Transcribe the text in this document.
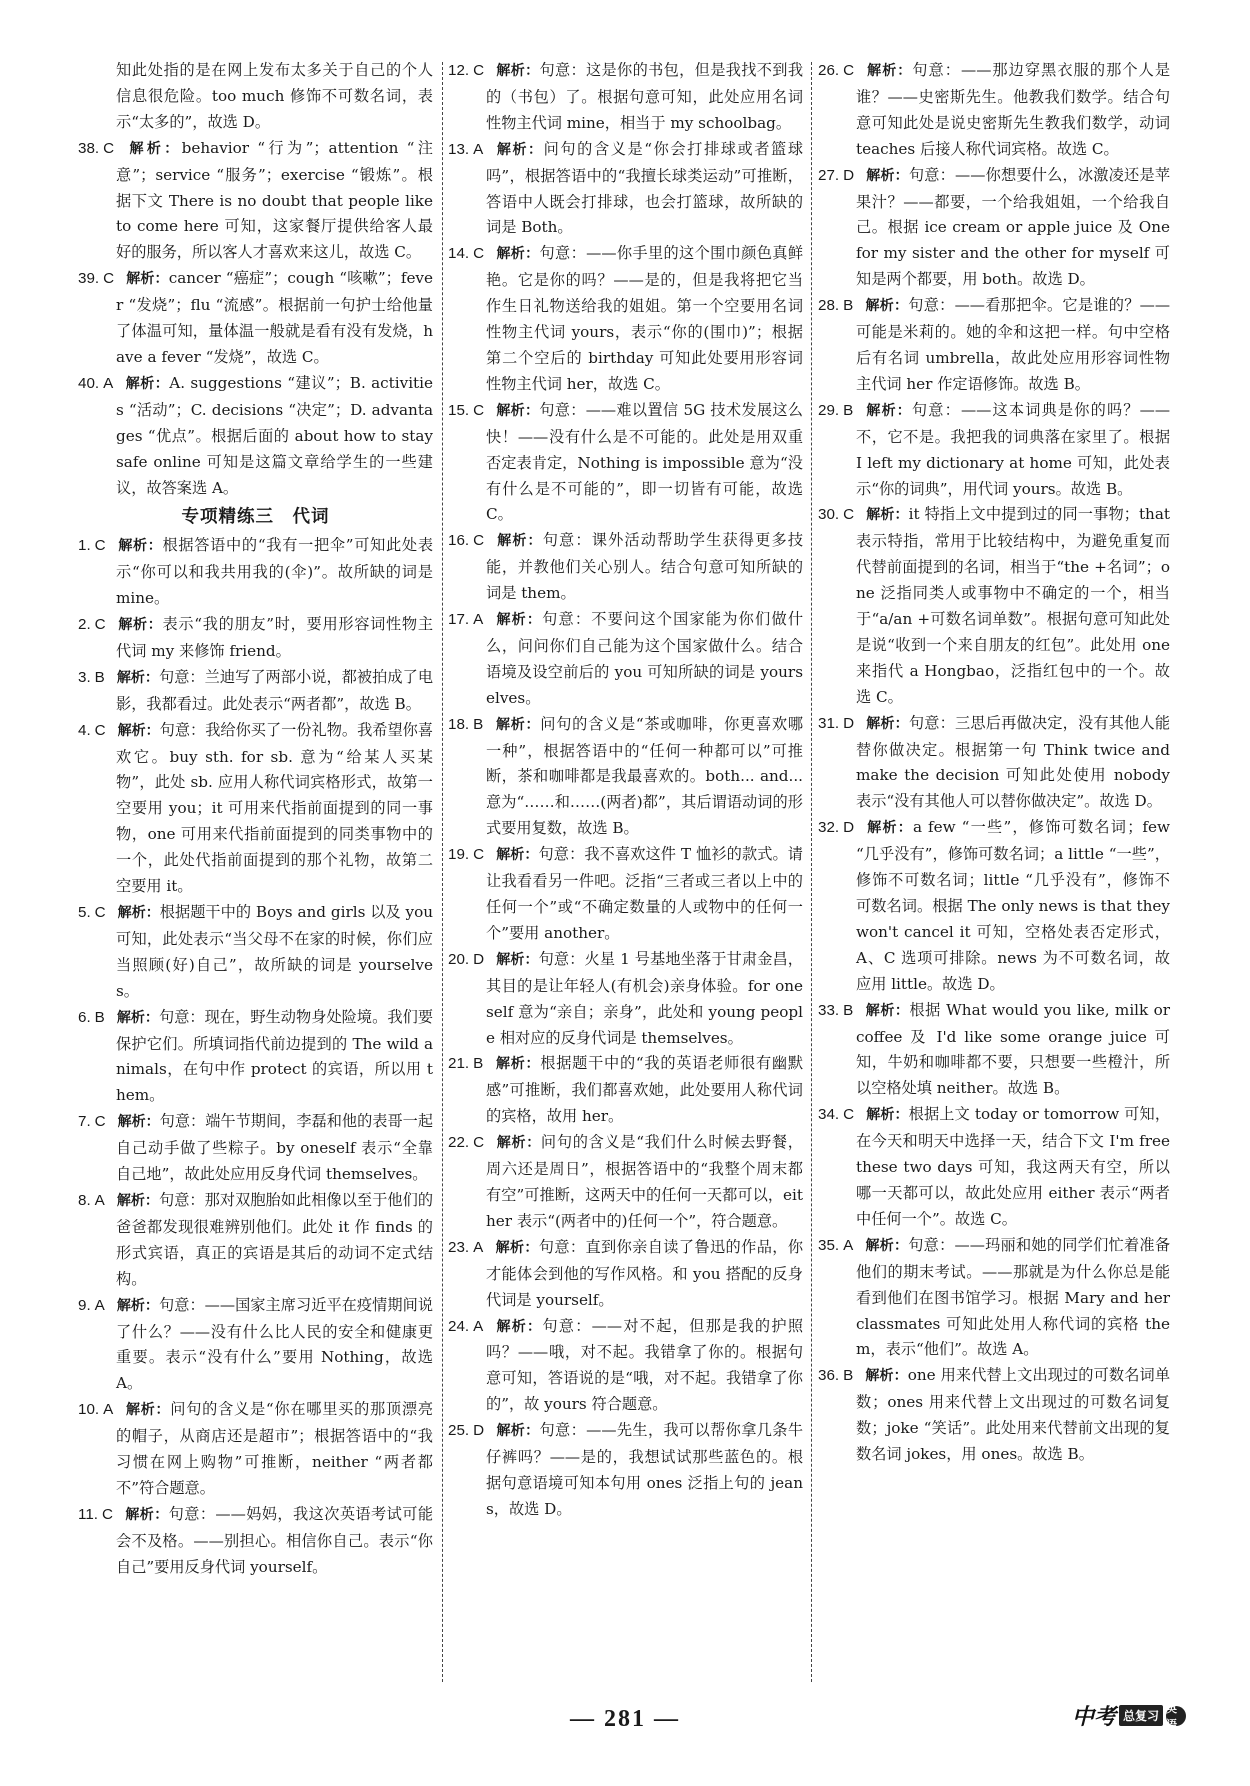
知此处指的是在网上发布太多关于自己的个人信息很危险。too much 修饰不可数名词，表示“太多的”，故选 D。

38. C 解析：behavior “行为”；attention “注意”；service “服务”；exercise “锻炼”。根据下文 There is no doubt that people like to come here 可知，这家餐厅提供给客人最好的服务，所以客人才喜欢来这儿，故选 C。

39. C 解析：cancer “癌症”；cough “咳嗽”；fever “发烧”；flu “流感”。根据前一句护士给他量了体温可知，量体温一般就是看有没有发烧，have a fever “发烧”，故选 C。

40. A 解析：A. suggestions “建议”；B. activities “活动”；C. decisions “决定”；D. advantages “优点”。根据后面的 about how to stay safe online 可知是这篇文章给学生的一些建议，故答案选 A。

专项精练三　代词

1. C 解析：根据答语中的“我有一把伞”可知此处表示“你可以和我共用我的(伞)”。故所缺的词是 mine。

2. C 解析：表示“我的朋友”时，要用形容词性物主代词 my 来修饰 friend。

3. B 解析：句意：兰迪写了两部小说，都被拍成了电影，我都看过。此处表示“两者都”，故选 B。

4. C 解析：句意：我给你买了一份礼物。我希望你喜欢它。buy sth. for sb. 意为“给某人买某物”，此处 sb. 应用人称代词宾格形式，故第一空要用 you；it 可用来代指前面提到的同一事物，one 可用来代指前面提到的同类事物中的一个，此处代指前面提到的那个礼物，故第二空要用 it。

5. C 解析：根据题干中的 Boys and girls 以及 you 可知，此处表示“当父母不在家的时候，你们应当照顾(好)自己”，故所缺的词是 yourselves。

6. B 解析：句意：现在，野生动物身处险境。我们要保护它们。所填词指代前边提到的 The wild animals，在句中作 protect 的宾语，所以用 them。

7. C 解析：句意：端午节期间，李磊和他的表哥一起自己动手做了些粽子。by oneself 表示“全靠自己地”，故此处应用反身代词 themselves。

8. A 解析：句意：那对双胞胎如此相像以至于他们的爸爸都发现很难辨别他们。此处 it 作 finds 的形式宾语，真正的宾语是其后的动词不定式结构。

9. A 解析：句意：——国家主席习近平在疫情期间说了什么？——没有什么比人民的安全和健康更重要。表示“没有什么”要用 Nothing，故选 A。

10. A 解析：问句的含义是“你在哪里买的那顶漂亮的帽子，从商店还是超市”；根据答语中的“我习惯在网上购物”可推断，neither “两者都不”符合题意。

11. C 解析：句意：——妈妈，我这次英语考试可能会不及格。——别担心。相信你自己。表示“你自己”要用反身代词 yourself。

12. C 解析：句意：这是你的书包，但是我找不到我的（书包）了。根据句意可知，此处应用名词性物主代词 mine，相当于 my schoolbag。

13. A 解析：问句的含义是“你会打排球或者篮球吗”，根据答语中的“我擅长球类运动”可推断，答语中人既会打排球，也会打篮球，故所缺的词是 Both。

14. C 解析：句意：——你手里的这个围巾颜色真鲜艳。它是你的吗？——是的，但是我将把它当作生日礼物送给我的姐姐。第一个空要用名词性物主代词 yours，表示“你的(围巾)”；根据第二个空后的 birthday 可知此处要用形容词性物主代词 her，故选 C。

15. C 解析：句意：——难以置信 5G 技术发展这么快！——没有什么是不可能的。此处是用双重否定表肯定，Nothing is impossible 意为“没有什么是不可能的”，即一切皆有可能，故选 C。

16. C 解析：句意：课外活动帮助学生获得更多技能，并教他们关心别人。结合句意可知所缺的词是 them。

17. A 解析：句意：不要问这个国家能为你们做什么，问问你们自己能为这个国家做什么。结合语境及设空前后的 you 可知所缺的词是 yourselves。

18. B 解析：问句的含义是“茶或咖啡，你更喜欢哪一种”，根据答语中的“任何一种都可以”可推断，茶和咖啡都是我最喜欢的。both... and... 意为“……和……(两者)都”，其后谓语动词的形式要用复数，故选 B。

19. C 解析：句意：我不喜欢这件 T 恤衫的款式。请让我看看另一件吧。泛指“三者或三者以上中的任何一个”或“不确定数量的人或物中的任何一个”要用 another。

20. D 解析：句意：火星 1 号基地坐落于甘肃金昌，其目的是让年轻人(有机会)亲身体验。for oneself 意为“亲自；亲身”，此处和 young people 相对应的反身代词是 themselves。

21. B 解析：根据题干中的“我的英语老师很有幽默感”可推断，我们都喜欢她，此处要用人称代词的宾格，故用 her。

22. C 解析：问句的含义是“我们什么时候去野餐，周六还是周日”，根据答语中的“我整个周末都有空”可推断，这两天中的任何一天都可以，either 表示“(两者中的)任何一个”，符合题意。

23. A 解析：句意：直到你亲自读了鲁迅的作品，你才能体会到他的写作风格。和 you 搭配的反身代词是 yourself。

24. A 解析：句意：——对不起，但那是我的护照吗？——哦，对不起。我错拿了你的。根据句意可知，答语说的是“哦，对不起。我错拿了你的”，故 yours 符合题意。

25. D 解析：句意：——先生，我可以帮你拿几条牛仔裤吗？——是的，我想试试那些蓝色的。根据句意语境可知本句用 ones 泛指上句的 jeans，故选 D。

26. C 解析：句意：——那边穿黑衣服的那个人是谁？——史密斯先生。他教我们数学。结合句意可知此处是说史密斯先生教我们数学，动词 teaches 后接人称代词宾格。故选 C。

27. D 解析：句意：——你想要什么，冰激凌还是苹果汁？——都要，一个给我姐姐，一个给我自己。根据 ice cream or apple juice 及 One for my sister and the other for myself 可知是两个都要，用 both。故选 D。

28. B 解析：句意：——看那把伞。它是谁的？——可能是米莉的。她的伞和这把一样。句中空格后有名词 umbrella，故此处应用形容词性物主代词 her 作定语修饰。故选 B。

29. B 解析：句意：——这本词典是你的吗？——不，它不是。我把我的词典落在家里了。根据 I left my dictionary at home 可知，此处表示“你的词典”，用代词 yours。故选 B。

30. C 解析：it 特指上文中提到过的同一事物；that 表示特指，常用于比较结构中，为避免重复而代替前面提到的名词，相当于“the +名词”；one 泛指同类人或事物中不确定的一个，相当于“a/an +可数名词单数”。根据句意可知此处是说“收到一个来自朋友的红包”。此处用 one 来指代 a Hongbao，泛指红包中的一个。故选 C。

31. D 解析：句意：三思后再做决定，没有其他人能替你做决定。根据第一句 Think twice and make the decision 可知此处使用 nobody 表示“没有其他人可以替你做决定”。故选 D。

32. D 解析：a few “一些”，修饰可数名词；few “几乎没有”，修饰可数名词；a little “一些”，修饰不可数名词；little “几乎没有”，修饰不可数名词。根据 The only news is that they won't cancel it 可知，空格处表否定形式，A、C 选项可排除。news 为不可数名词，故应用 little。故选 D。

33. B 解析：根据 What would you like, milk or coffee 及 I'd like some orange juice 可知，牛奶和咖啡都不要，只想要一些橙汁，所以空格处填 neither。故选 B。

34. C 解析：根据上文 today or tomorrow 可知，在今天和明天中选择一天，结合下文 I'm free these two days 可知，我这两天有空，所以哪一天都可以，故此处应用 either 表示“两者中任何一个”。故选 C。

35. A 解析：句意：——玛丽和她的同学们忙着准备他们的期末考试。——那就是为什么你总是能看到他们在图书馆学习。根据 Mary and her classmates 可知此处用人称代词的宾格 them，表示“他们”。故选 A。

36. B 解析：one 用来代替上文出现过的可数名词单数；ones 用来代替上文出现过的可数名词复数；joke “笑话”。此处用来代替前文出现的复数名词 jokes，用 ones。故选 B。

— 281 —	中考 总复习
英语
